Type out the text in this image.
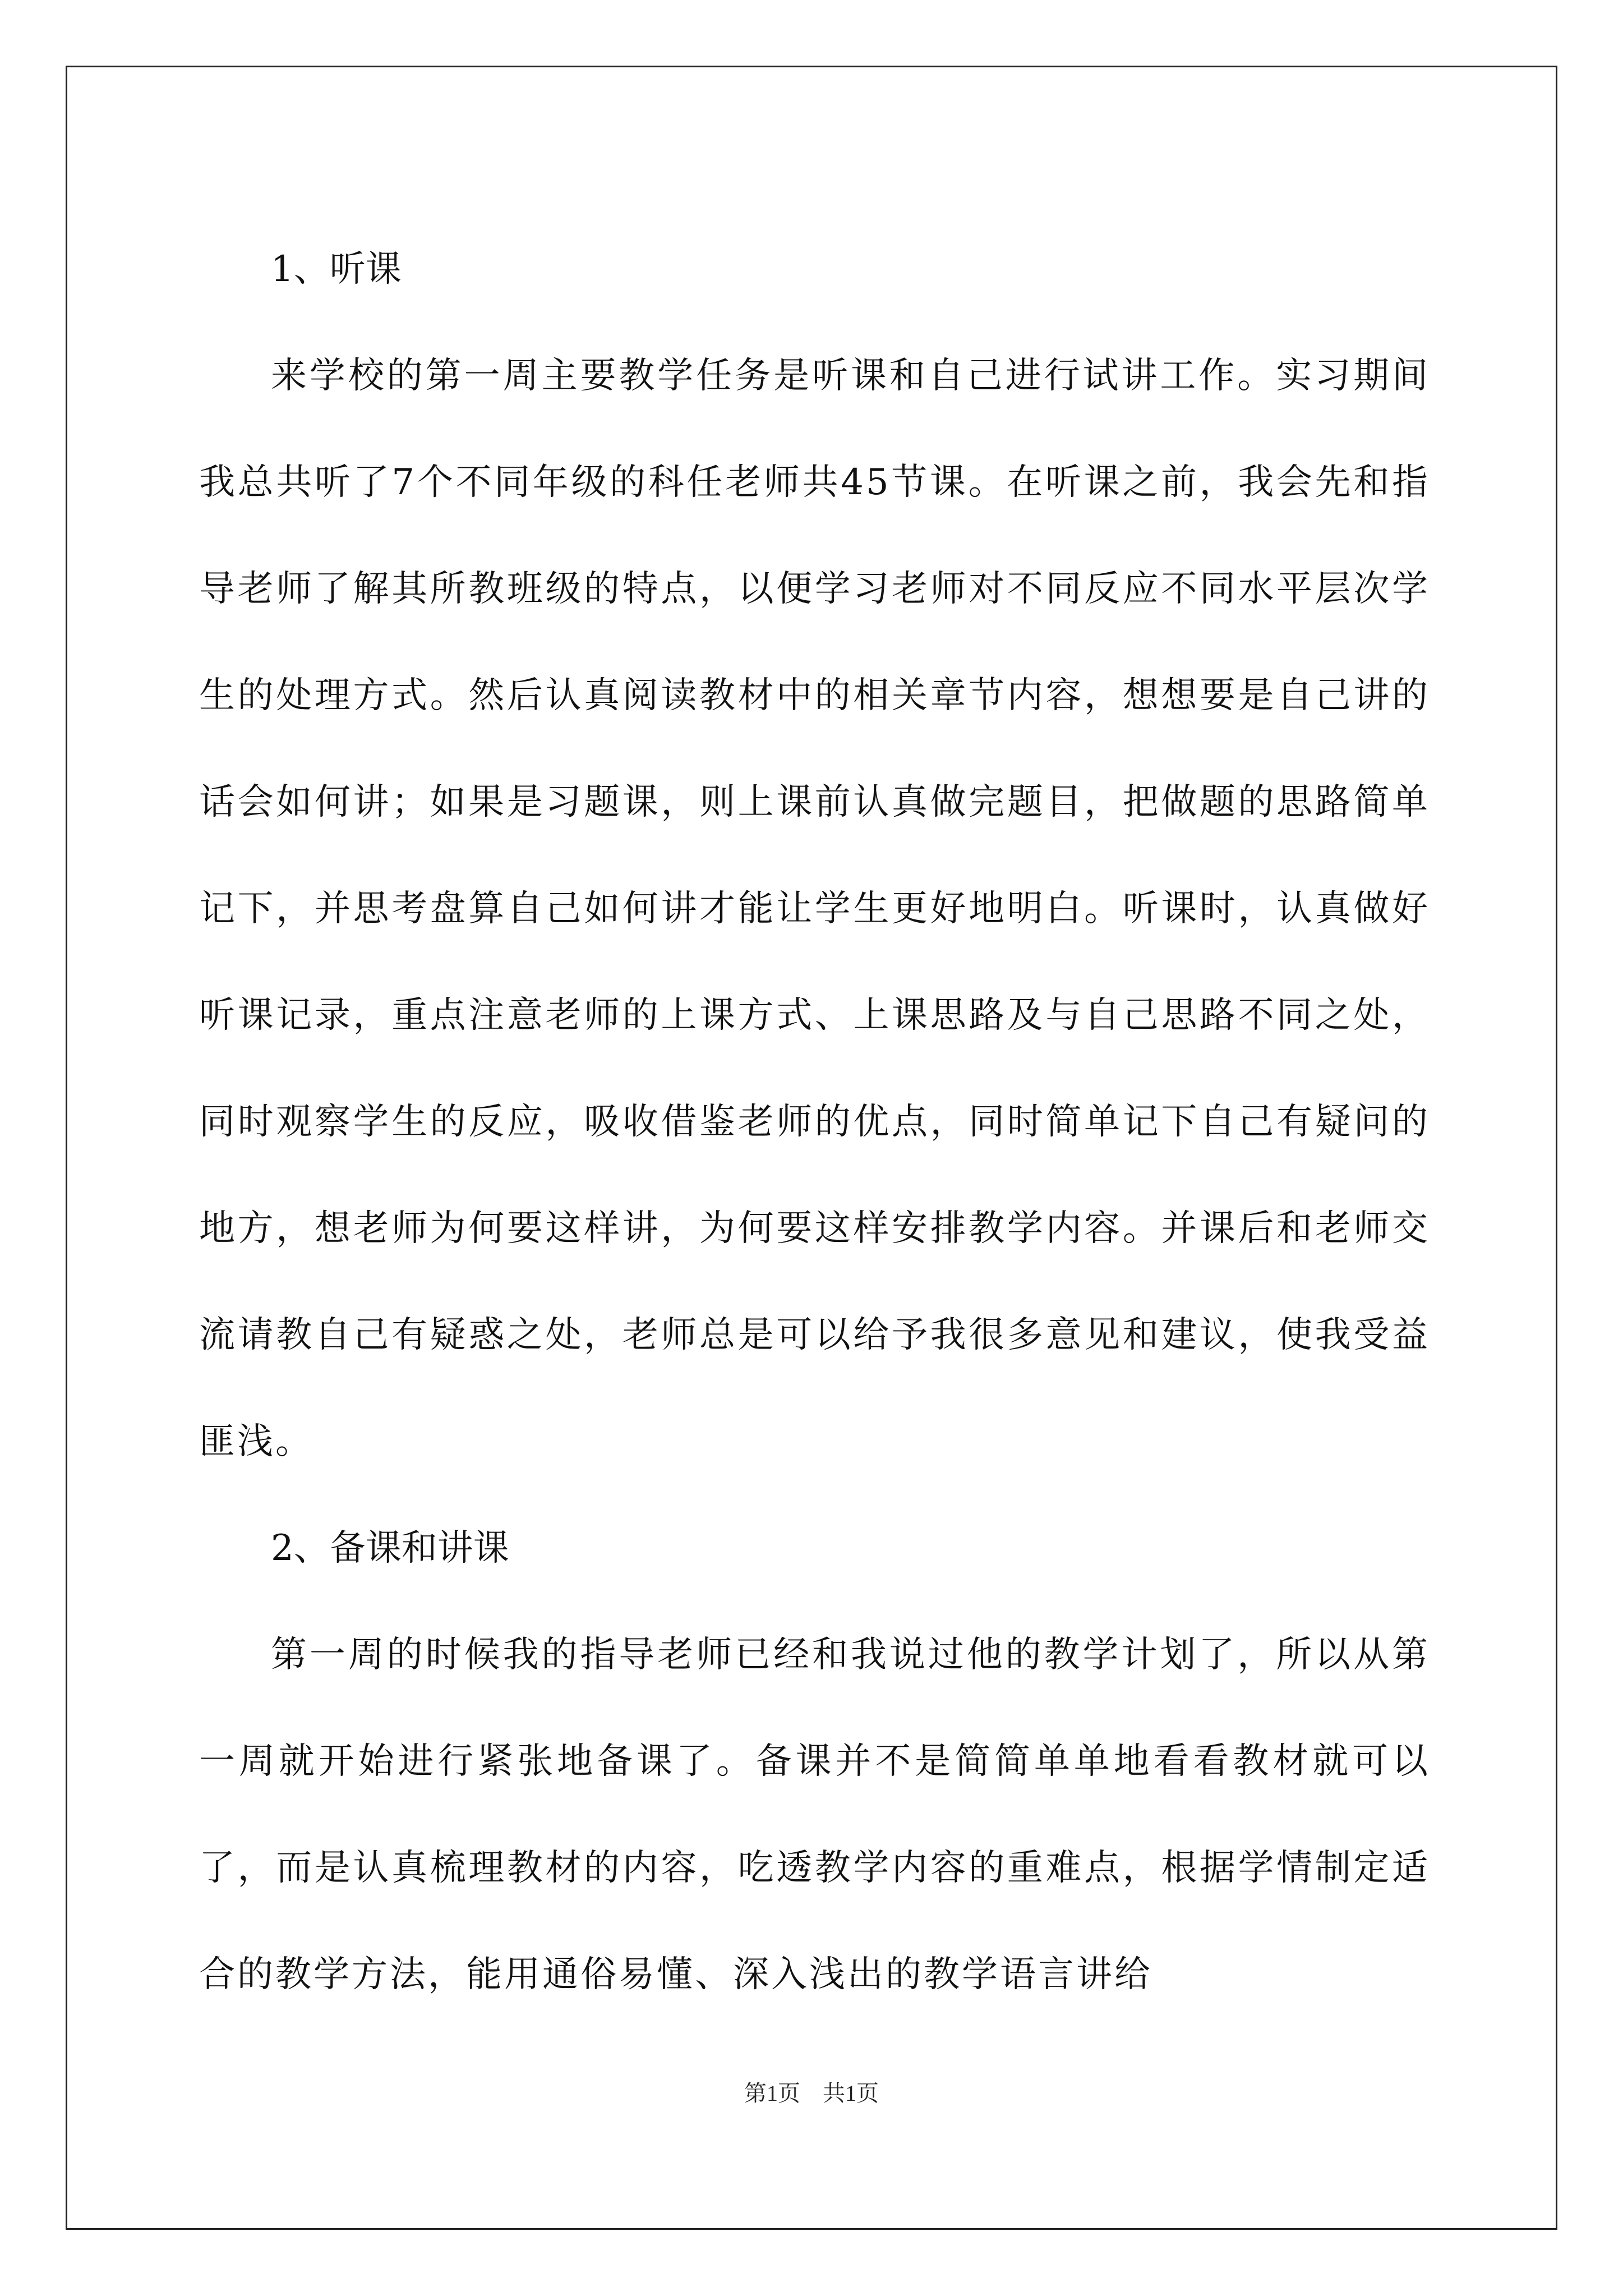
1、听课

来学校的第一周主要教学任务是听课和自己进行试讲工作。实习期间我总共听了7个不同年级的科任老师共45节课。在听课之前，我会先和指导老师了解其所教班级的特点，以便学习老师对不同反应不同水平层次学生的处理方式。然后认真阅读教材中的相关章节内容，想想要是自己讲的话会如何讲；如果是习题课，则上课前认真做完题目，把做题的思路简单记下，并思考盘算自己如何讲才能让学生更好地明白。听课时，认真做好听课记录，重点注意老师的上课方式、上课思路及与自己思路不同之处，同时观察学生的反应，吸收借鉴老师的优点，同时简单记下自己有疑问的地方，想老师为何要这样讲，为何要这样安排教学内容。并课后和老师交流请教自己有疑惑之处，老师总是可以给予我很多意见和建议，使我受益匪浅。

2、备课和讲课

第一周的时候我的指导老师已经和我说过他的教学计划了，所以从第一周就开始进行紧张地备课了。备课并不是简简单单地看看教材就可以了，而是认真梳理教材的内容，吃透教学内容的重难点，根据学情制定适合的教学方法，能用通俗易懂、深入浅出的教学语言讲给

第1页 共1页
